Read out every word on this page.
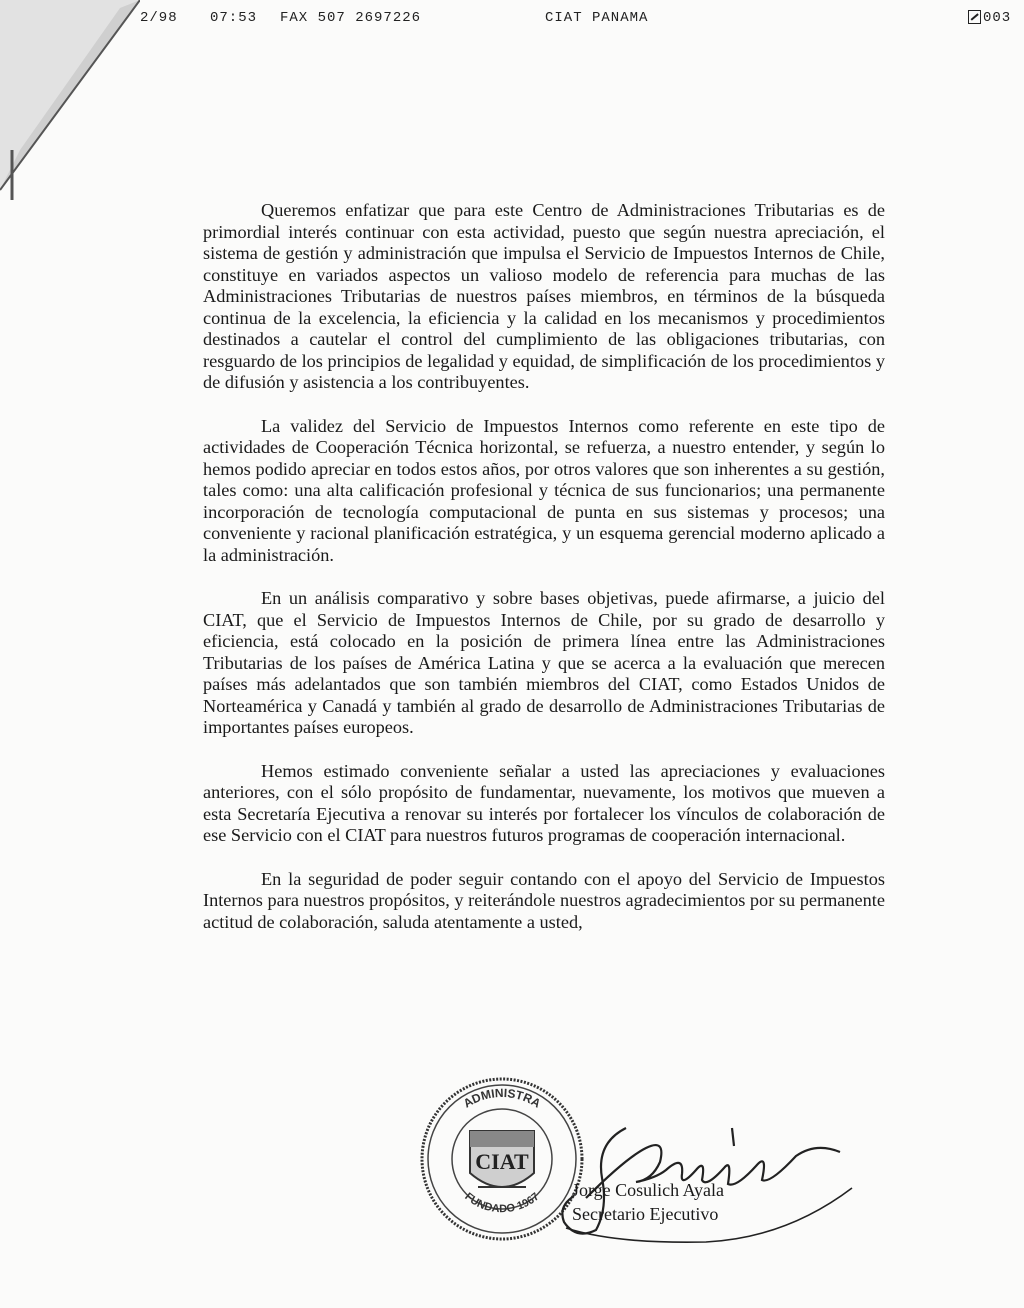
2/98 07:53 FAX 507 2697226	CIAT PANAMA	003

Queremos enfatizar que para este Centro de Administraciones Tributarias es de primordial interés continuar con esta actividad, puesto que según nuestra apreciación, el sistema de gestión y administración que impulsa el Servicio de Impuestos Internos de Chile, constituye en variados aspectos un valioso modelo de referencia para muchas de las Administraciones Tributarias de nuestros países miembros, en términos de la búsqueda continua de la excelencia, la eficiencia y la calidad en los mecanismos y procedimientos destinados a cautelar el control del cumplimiento de las obligaciones tributarias, con resguardo de los principios de legalidad y equidad, de simplificación de los procedimientos y de difusión y asistencia a los contribuyentes.

La validez del Servicio de Impuestos Internos como referente en este tipo de actividades de Cooperación Técnica horizontal, se refuerza, a nuestro entender, y según lo hemos podido apreciar en todos estos años, por otros valores que son inherentes a su gestión, tales como: una alta calificación profesional y técnica de sus funcionarios; una permanente incorporación de tecnología computacional de punta en sus sistemas y procesos; una conveniente y racional planificación estratégica, y un esquema gerencial moderno aplicado a la administración.

En un análisis comparativo y sobre bases objetivas, puede afirmarse, a juicio del CIAT, que el Servicio de Impuestos Internos de Chile, por su grado de desarrollo y eficiencia, está colocado en la posición de primera línea entre las Administraciones Tributarias de los países de América Latina y que se acerca a la evaluación que merecen países más adelantados que son también miembros del CIAT, como Estados Unidos de Norteamérica y Canadá y también al grado de desarrollo de Administraciones Tributarias de importantes países europeos.

Hemos estimado conveniente señalar a usted las apreciaciones y evaluaciones anteriores, con el sólo propósito de fundamentar, nuevamente, los motivos que mueven a esta Secretaría Ejecutiva a renovar su interés por fortalecer los vínculos de colaboración de ese Servicio con el CIAT para nuestros futuros programas de cooperación internacional.

En la seguridad de poder seguir contando con el apoyo del Servicio de Impuestos Internos para nuestros propósitos, y reiterándole nuestros agradecimientos por su permanente actitud de colaboración, saluda atentamente a usted,

ADMINISTRA
FUNDADO 1967
CIAT
Jorge Cosulich Ayala
Secretario Ejecutivo
